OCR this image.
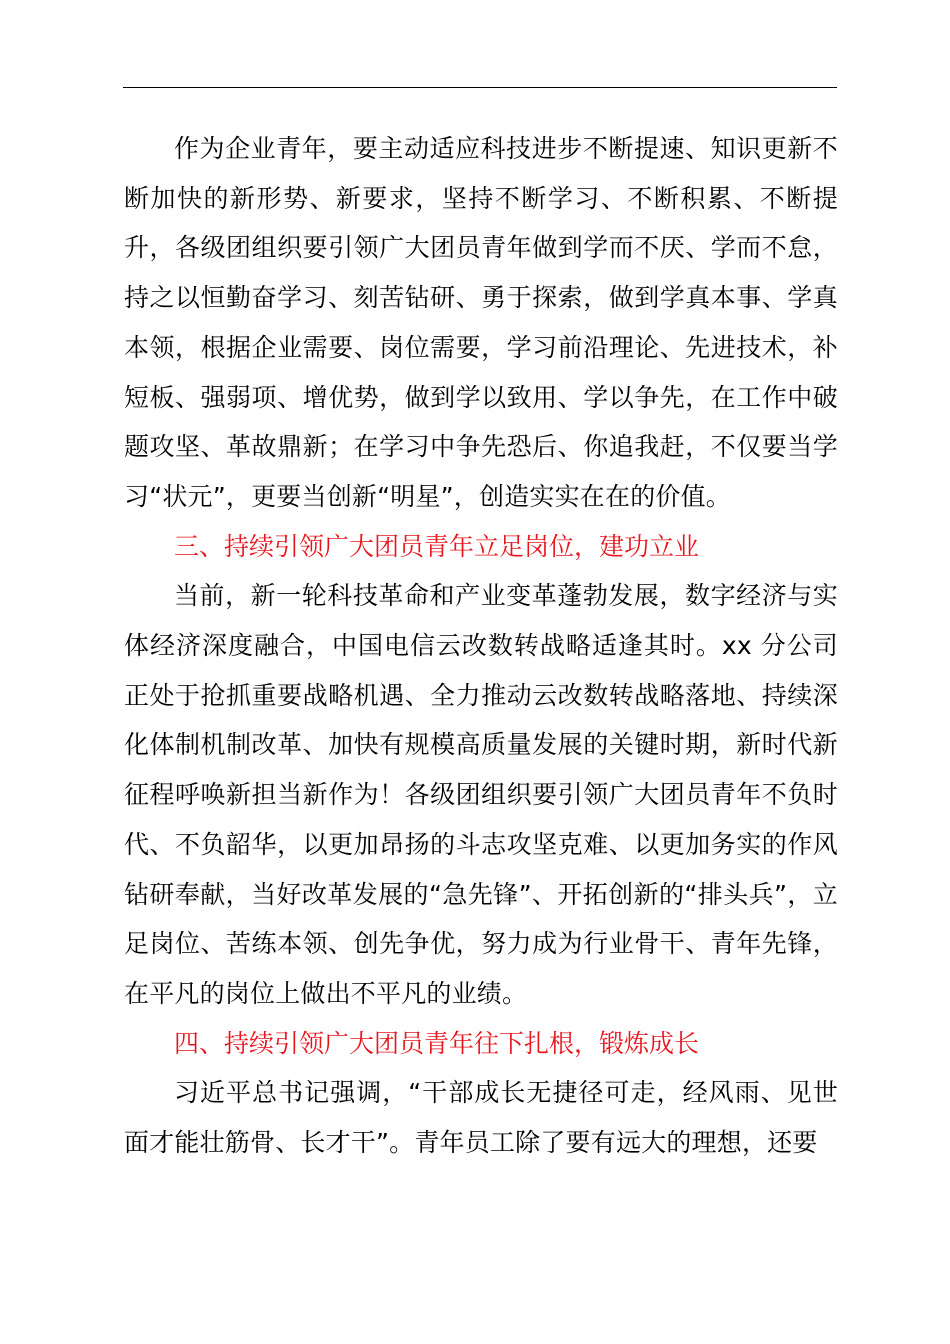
作为企业青年，要主动适应科技进步不断提速、知识更新不断加快的新形势、新要求，坚持不断学习、不断积累、不断提升，各级团组织要引领广大团员青年做到学而不厌、学而不怠，持之以恒勤奋学习、刻苦钻研、勇于探索，做到学真本事、学真本领，根据企业需要、岗位需要，学习前沿理论、先进技术，补短板、强弱项、增优势，做到学以致用、学以争先，在工作中破题攻坚、革故鼎新；在学习中争先恐后、你追我赶，不仅要当学习“状元”，更要当创新“明星”，创造实实在在的价值。

三、持续引领广大团员青年立足岗位，建功立业

当前，新一轮科技革命和产业变革蓬勃发展，数字经济与实体经济深度融合，中国电信云改数转战略适逢其时。xx 分公司正处于抢抓重要战略机遇、全力推动云改数转战略落地、持续深化体制机制改革、加快有规模高质量发展的关键时期，新时代新征程呼唤新担当新作为！各级团组织要引领广大团员青年不负时代、不负韶华，以更加昂扬的斗志攻坚克难、以更加务实的作风钻研奉献，当好改革发展的“急先锋”、开拓创新的“排头兵”，立足岗位、苦练本领、创先争优，努力成为行业骨干、青年先锋，在平凡的岗位上做出不平凡的业绩。

四、持续引领广大团员青年往下扎根，锻炼成长

习近平总书记强调，“干部成长无捷径可走，经风雨、见世面才能壮筋骨、长才干”。青年员工除了要有远大的理想，还要
